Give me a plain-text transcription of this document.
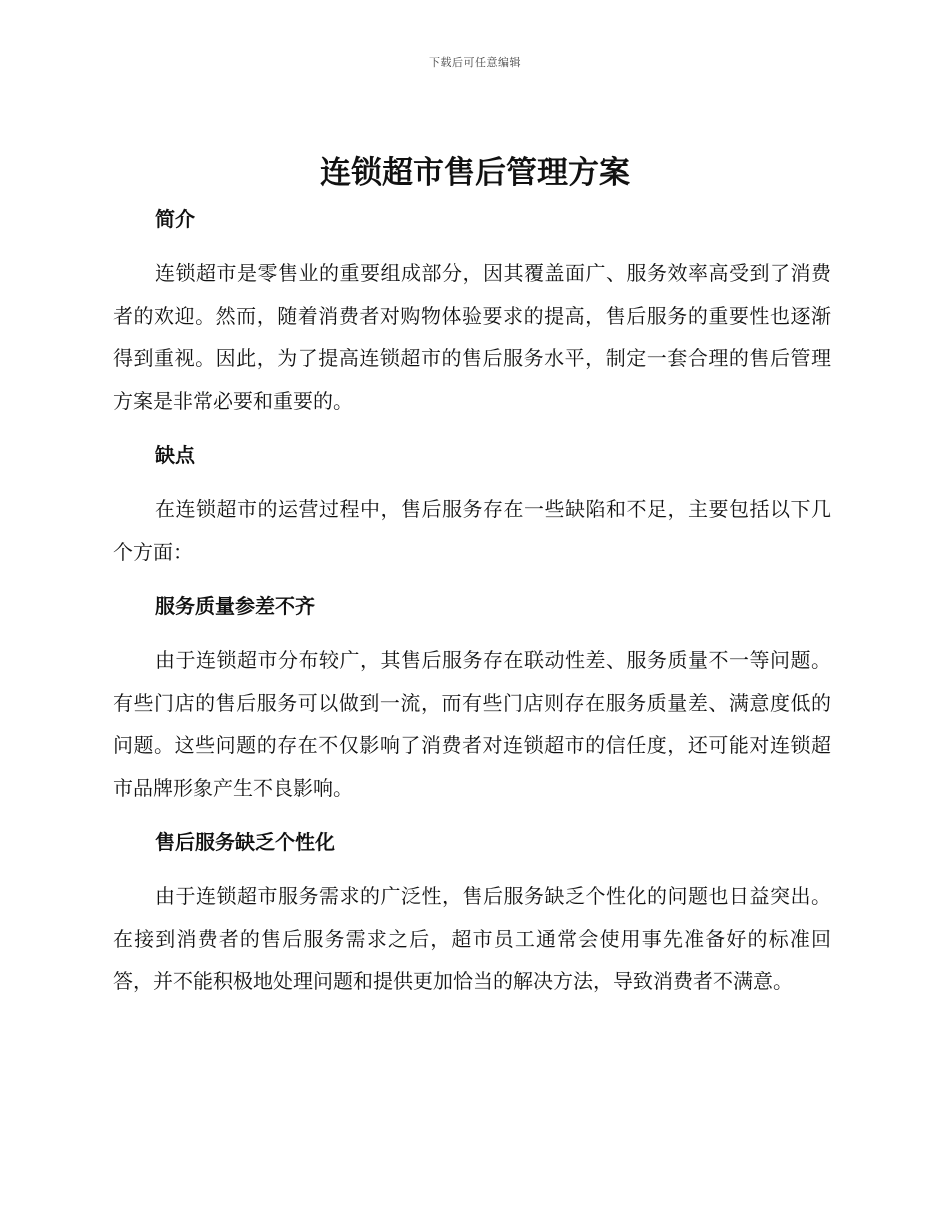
下载后可任意编辑
连锁超市售后管理方案
简介

连锁超市是零售业的重要组成部分，因其覆盖面广、服务效率高受到了消费者的欢迎。然而，随着消费者对购物体验要求的提高，售后服务的重要性也逐渐得到重视。因此，为了提高连锁超市的售后服务水平，制定一套合理的售后管理方案是非常必要和重要的。

缺点

在连锁超市的运营过程中，售后服务存在一些缺陷和不足，主要包括以下几个方面：

服务质量参差不齐

由于连锁超市分布较广，其售后服务存在联动性差、服务质量不一等问题。有些门店的售后服务可以做到一流，而有些门店则存在服务质量差、满意度低的问题。这些问题的存在不仅影响了消费者对连锁超市的信任度，还可能对连锁超市品牌形象产生不良影响。

售后服务缺乏个性化

由于连锁超市服务需求的广泛性，售后服务缺乏个性化的问题也日益突出。在接到消费者的售后服务需求之后，超市员工通常会使用事先准备好的标准回答，并不能积极地处理问题和提供更加恰当的解决方法，导致消费者不满意。
